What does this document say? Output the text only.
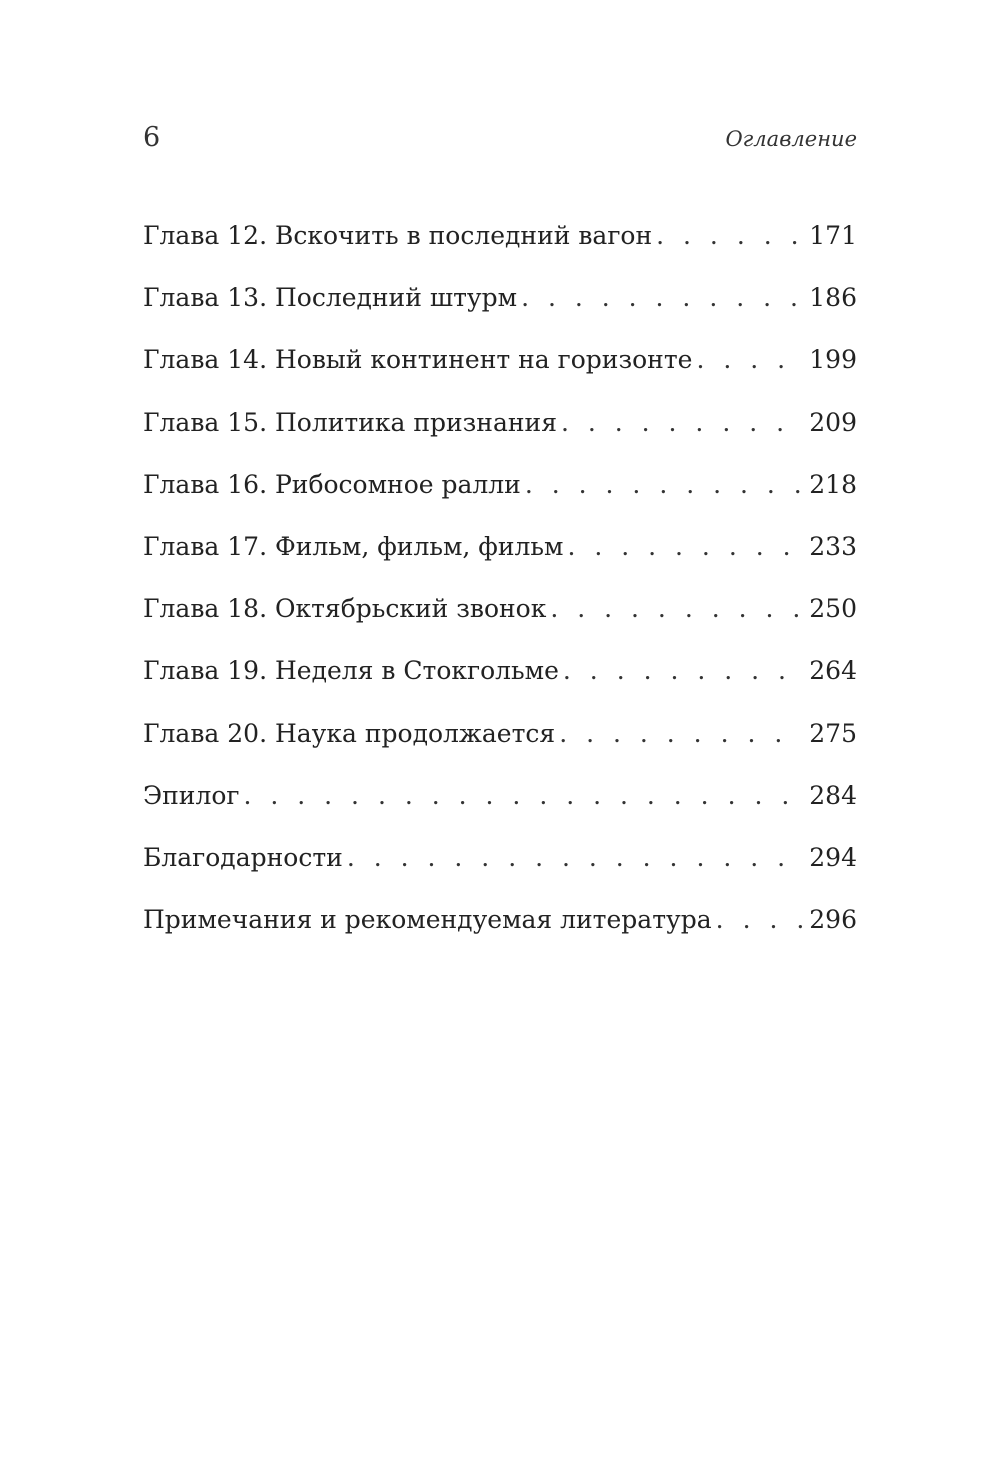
6	Оглавление
Глава 12. Вскочить в последний вагон . . .	171
Глава 13. Последний штурм . . .	186
Глава 14. Новый континент на горизонте . . .	199
Глава 15. Политика признания . . .	209
Глава 16. Рибосомное ралли . . .	218
Глава 17. Фильм, фильм, фильм . . .	233
Глава 18. Октябрьский звонок . . .	250
Глава 19. Неделя в Стокгольме . . .	264
Глава 20. Наука продолжается . . .	275
Эпилог . . .	284
Благодарности . . .	294
Примечания и рекомендуемая литература . . .	296
